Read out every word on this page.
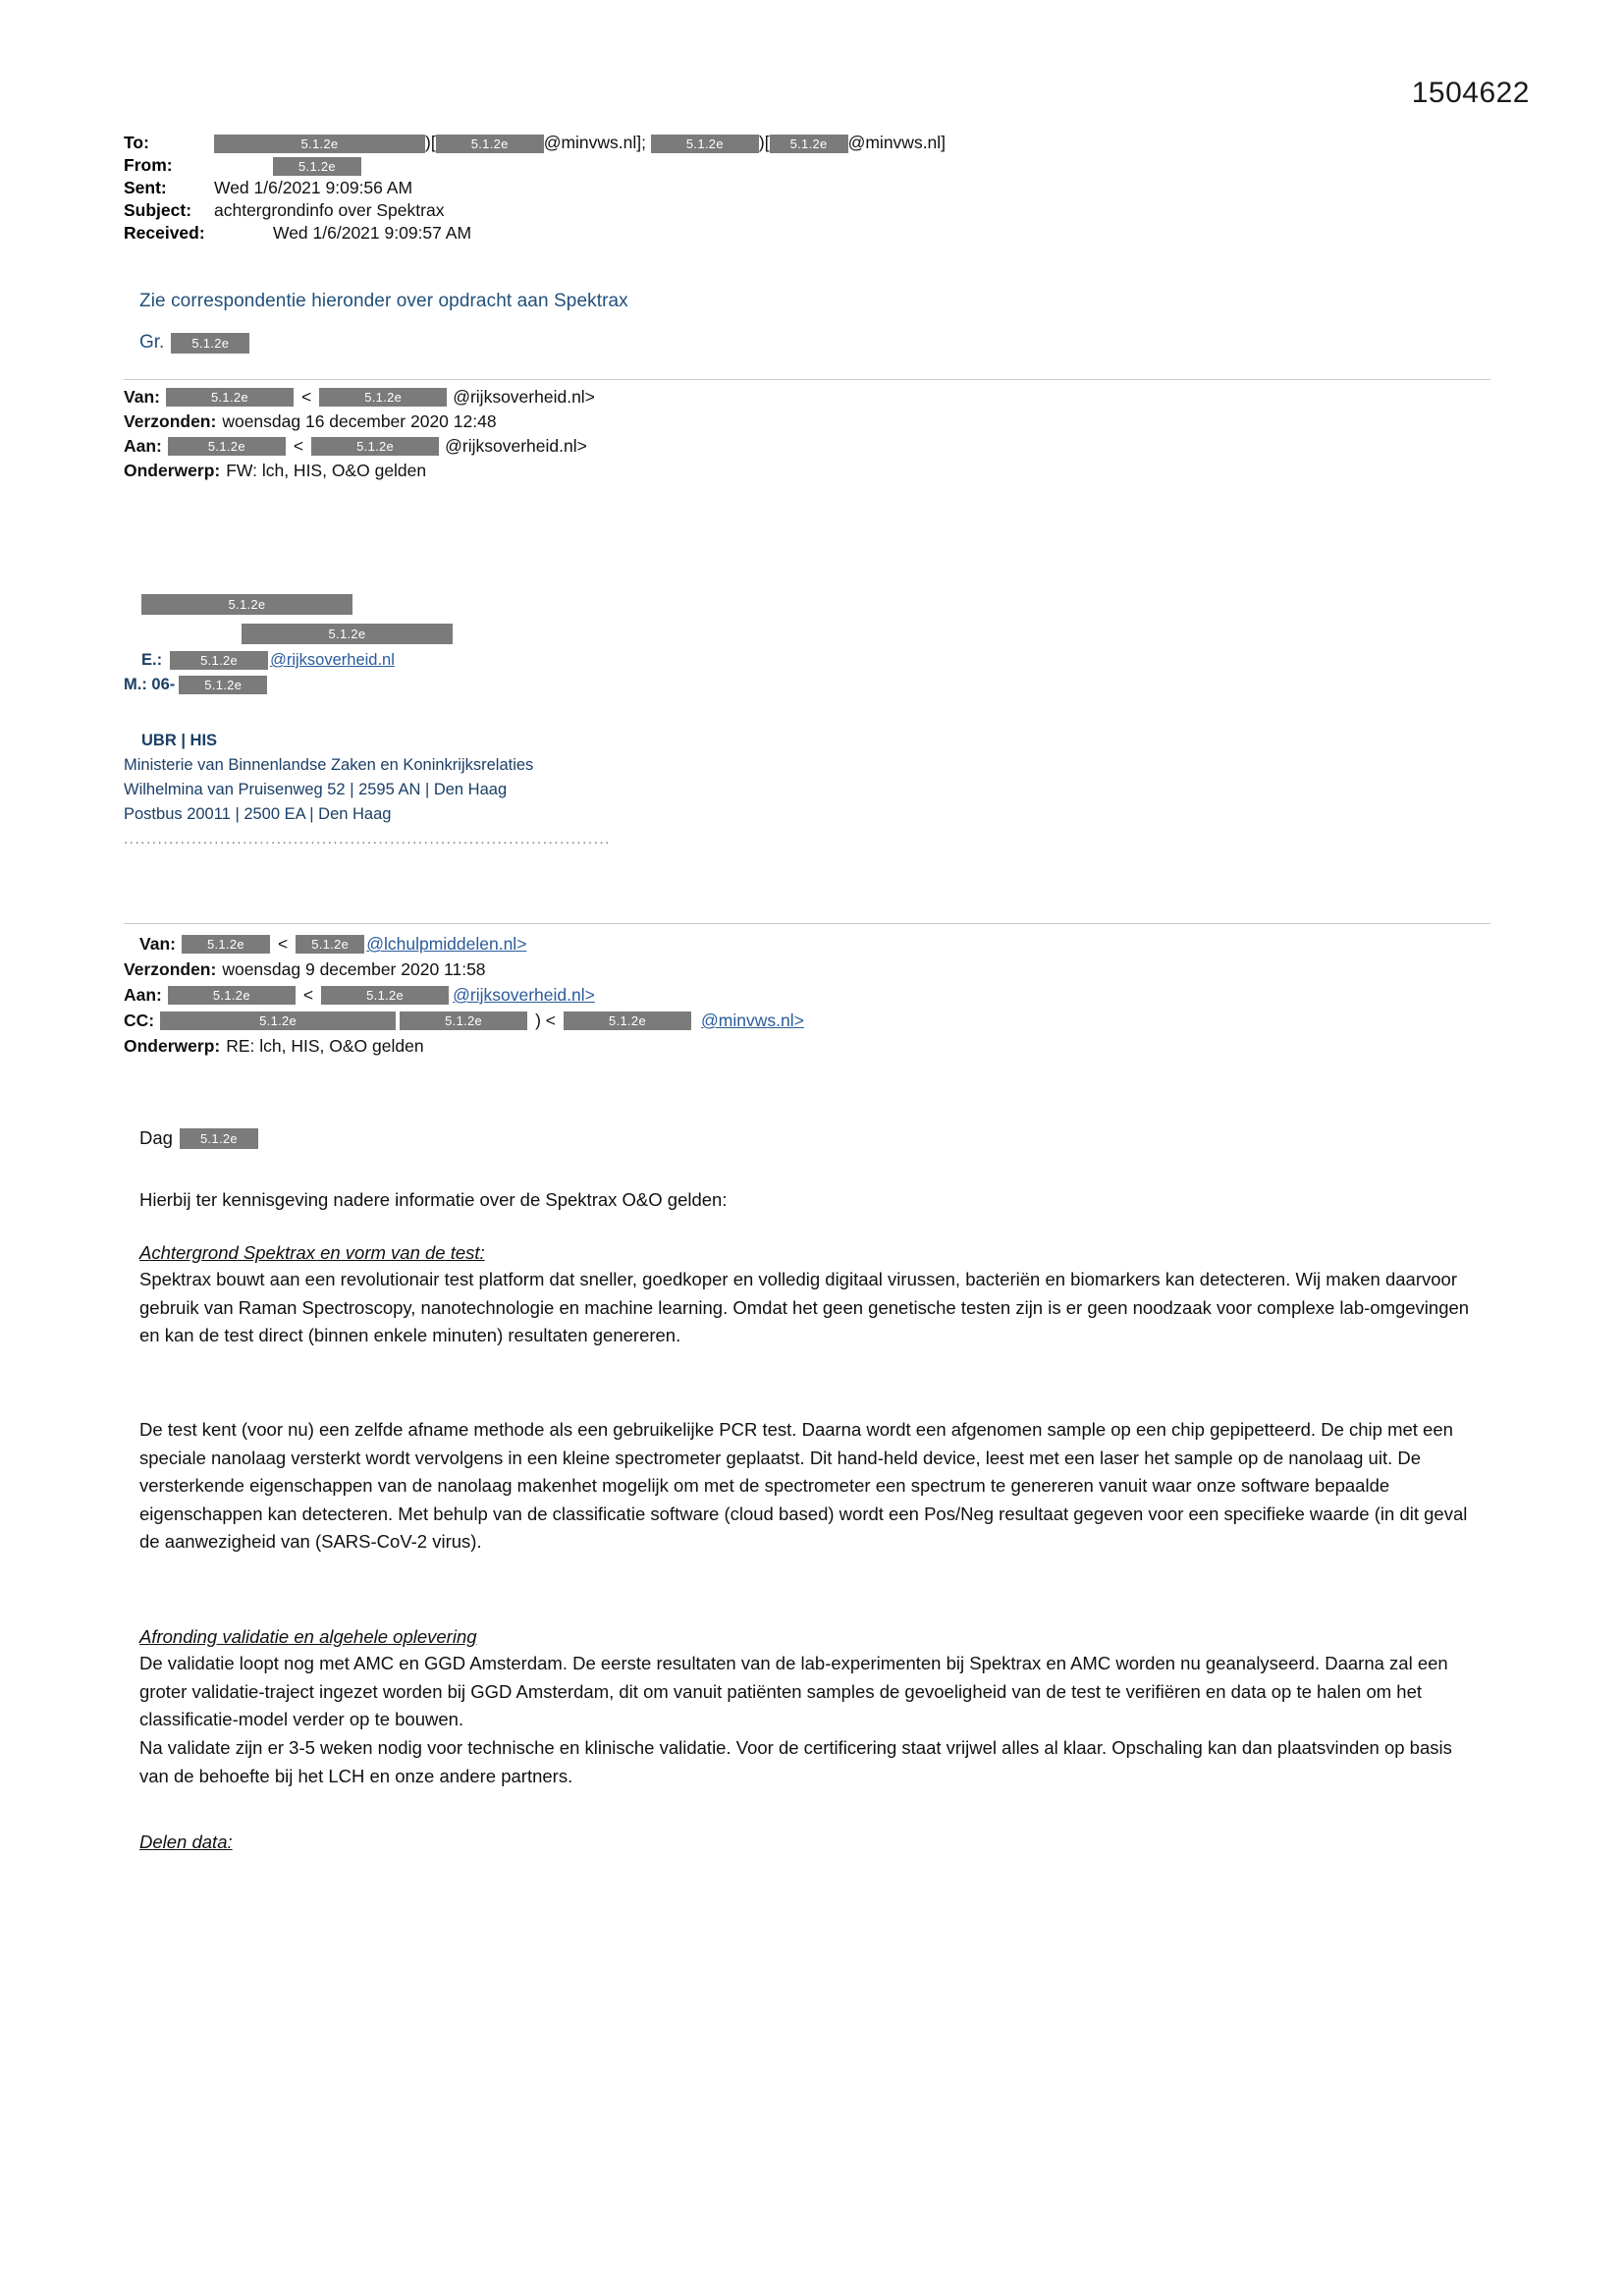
1504622
To:	5.1.2e	)[	5.1.2e @minvws.nl];	5.1.2e )[ 5.1.2e @minvws.nl]
From:	5.1.2e
Sent:	Wed 1/6/2021 9:09:56 AM
Subject:	achtergrondinfo over Spektrax
Received:	Wed 1/6/2021 9:09:57 AM
Zie correspondentie hieronder over opdracht aan Spektrax
Gr.	5.1.2e
Van:	5.1.2e	<	5.1.2e	@rijksoverheid.nl>
Verzonden: woensdag 16 december 2020 12:48
Aan:	5.1.2e	<	5.1.2e	@rijksoverheid.nl>
Onderwerp: FW: lch, HIS, O&O gelden
5.1.2e
5.1.2e
E.:	5.1.2e	@rijksoverheid.nl
M.: 06-	5.1.2e
UBR | HIS
Ministerie van Binnenlandse Zaken en Koninkrijksrelaties
Wilhelmina van Pruisenweg 52 | 2595 AN | Den Haag
Postbus 20011 | 2500 EA | Den Haag
......................................................................................
Van:	5.1.2e	<	5.1.2e	@lchulpmiddelen.nl>
Verzonden: woensdag 9 december 2020 11:58
Aan:	5.1.2e	<	5.1.2e	@rijksoverheid.nl>
CC:	5.1.2e	5.1.2e	) <	5.1.2e	@minvws.nl>
Onderwerp: RE: lch, HIS, O&O gelden
Dag	5.1.2e
Hierbij ter kennisgeving nadere informatie over de Spektrax O&O gelden:
Achtergrond Spektrax en vorm van de test:
Spektrax bouwt aan een revolutionair test platform dat sneller, goedkoper en volledig digitaal virussen, bacteriën en biomarkers kan detecteren. Wij maken daarvoor gebruik van Raman Spectroscopy, nanotechnologie en machine learning. Omdat het geen genetische testen zijn is er geen noodzaak voor complexe lab-omgevingen en kan de test direct (binnen enkele minuten) resultaten genereren.
De test kent (voor nu) een zelfde afname methode als een gebruikelijke PCR test. Daarna wordt een afgenomen sample op een chip gepipetteerd. De chip met een speciale nanolaag versterkt wordt vervolgens in een kleine spectrometer geplaatst. Dit hand-held device, leest met een laser het sample op de nanolaag uit. De versterkende eigenschappen van de nanolaag makenhet mogelijk om met de spectrometer een spectrum te genereren vanuit waar onze software bepaalde eigenschappen kan detecteren. Met behulp van de classificatie software (cloud based) wordt een Pos/Neg resultaat gegeven voor een specifieke waarde (in dit geval de aanwezigheid van (SARS-CoV-2 virus).
Afronding validatie en algehele oplevering
De validatie loopt nog met AMC en GGD Amsterdam. De eerste resultaten van de lab-experimenten bij Spektrax en AMC worden nu geanalyseerd. Daarna zal een groter validatie-traject ingezet worden bij GGD Amsterdam, dit om vanuit patiënten samples de gevoeligheid van de test te verifiëren en data op te halen om het classificatie-model verder op te bouwen.
Na validate zijn er 3-5 weken nodig voor technische en klinische validatie. Voor de certificering staat vrijwel alles al klaar. Opschaling kan dan plaatsvinden op basis van de behoefte bij het LCH en onze andere partners.
Delen data:
